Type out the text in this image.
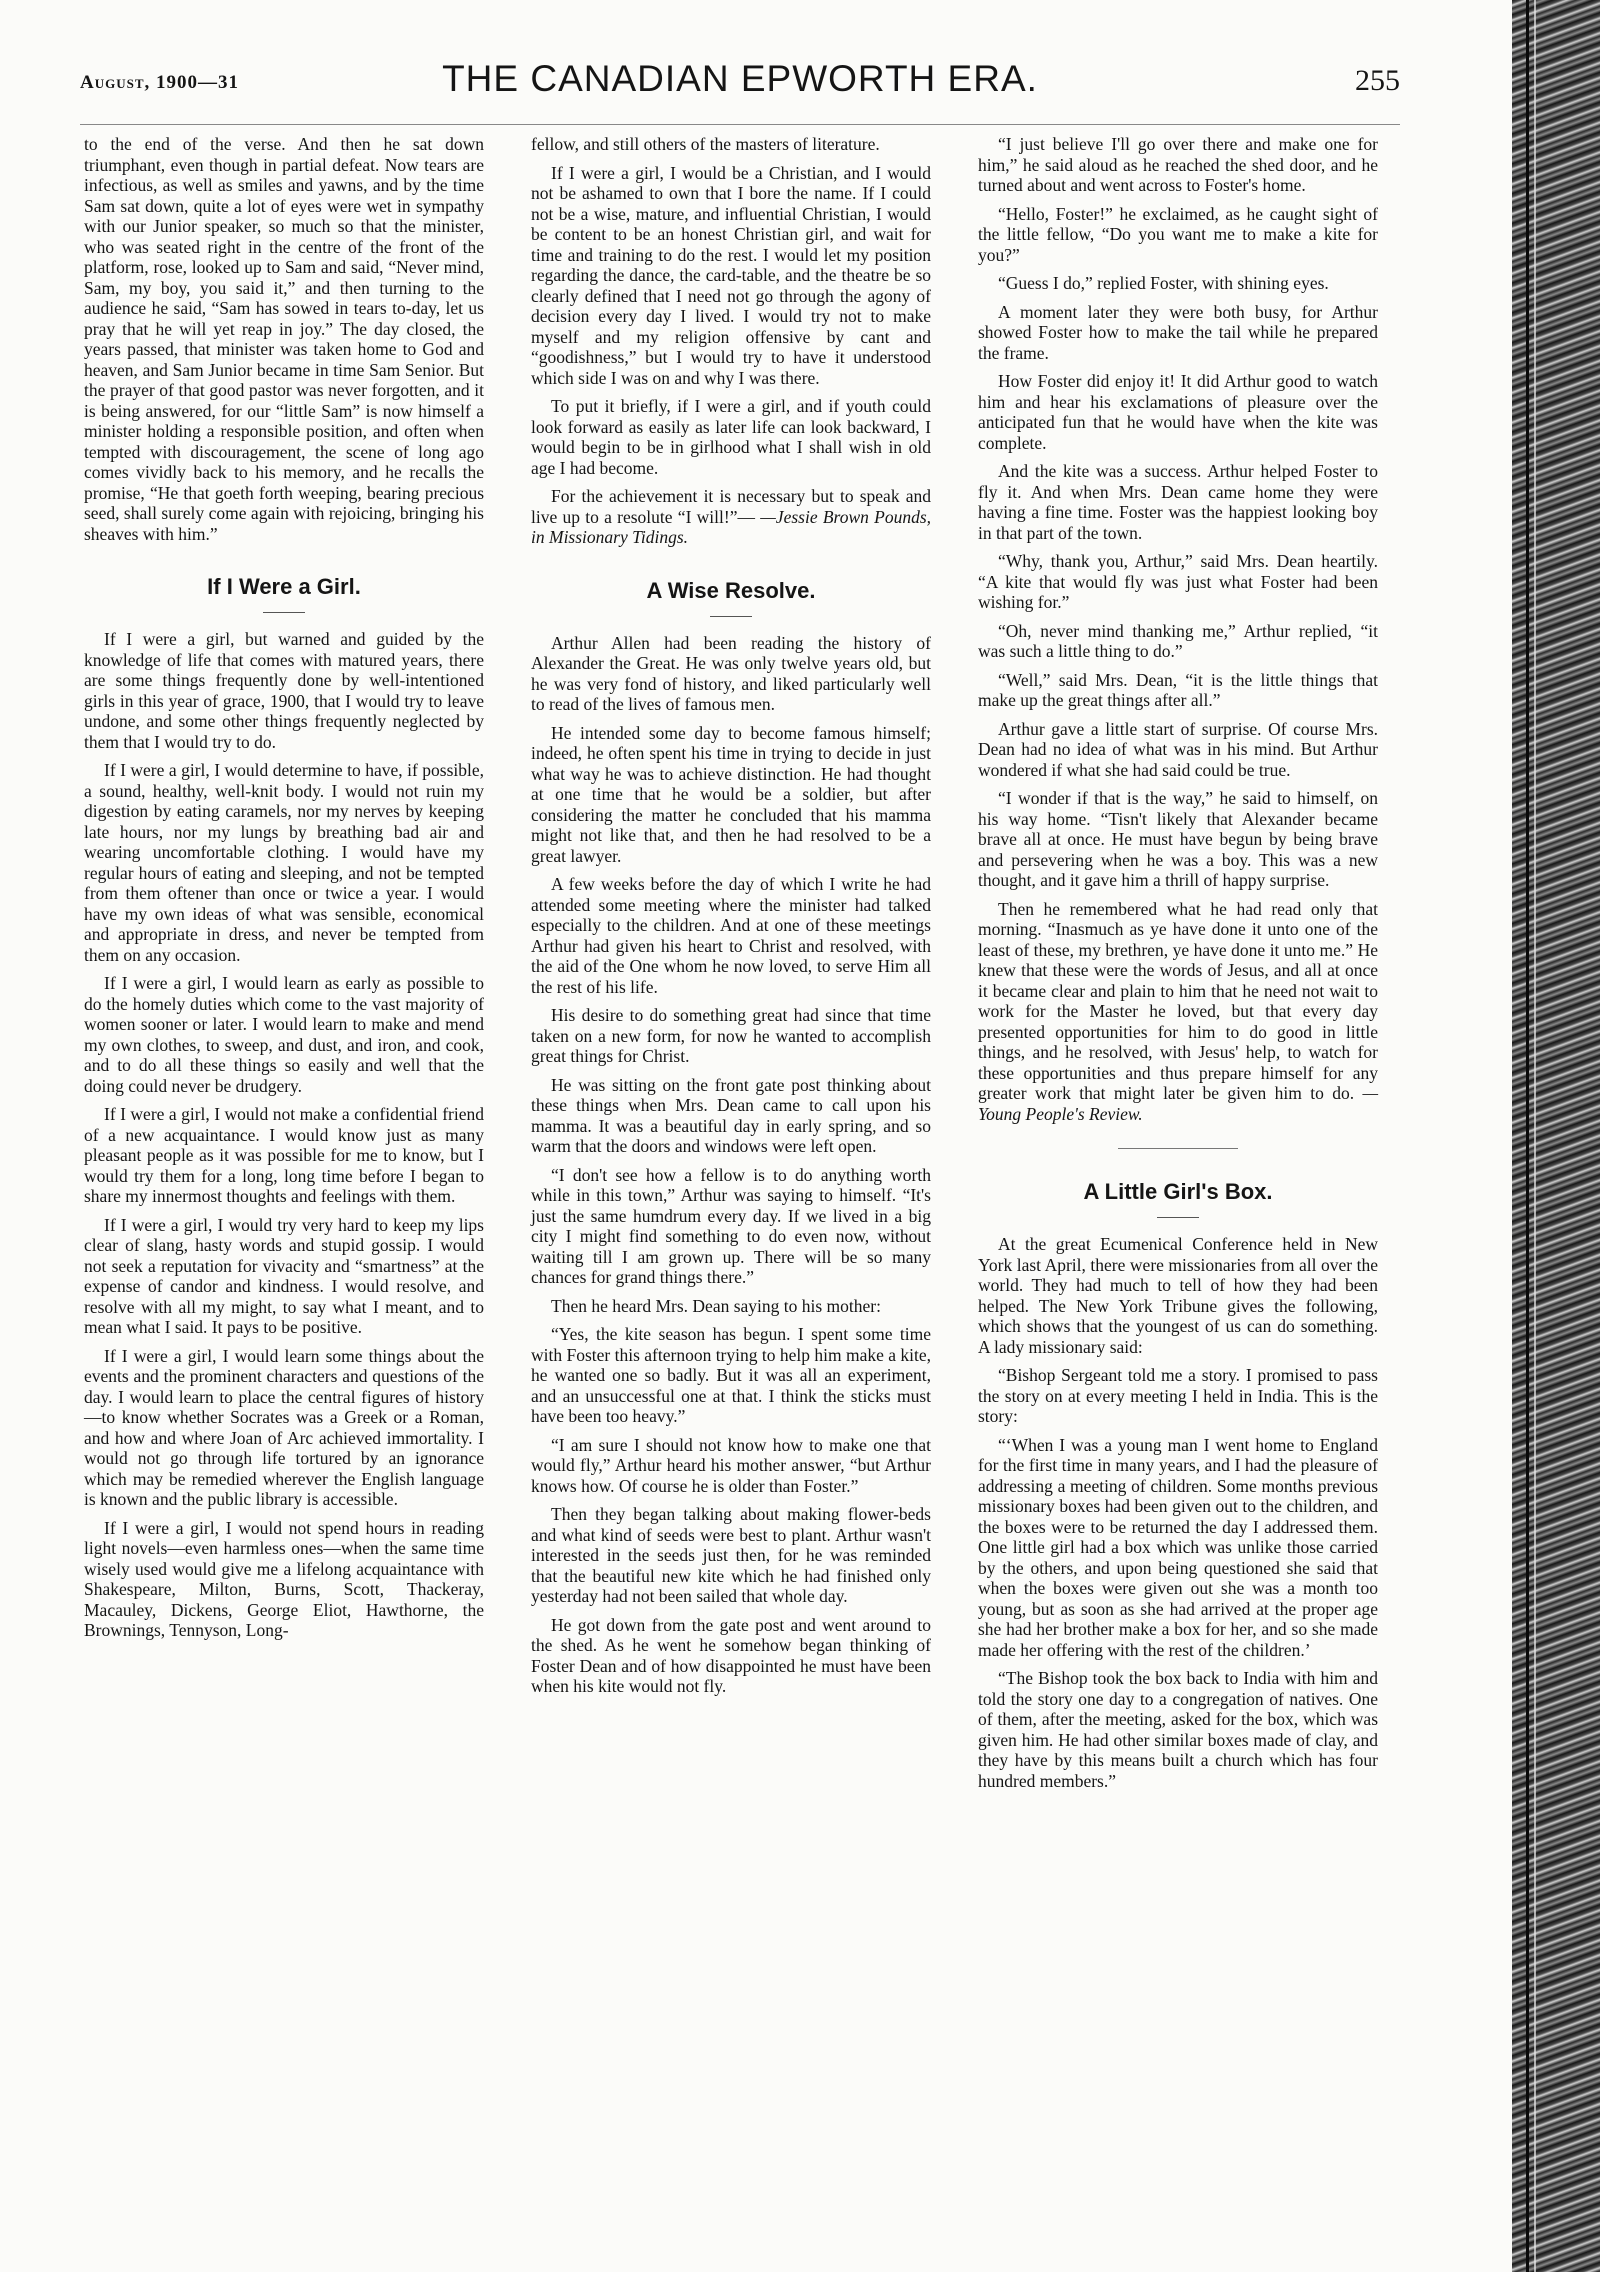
August, 1900—31	THE CANADIAN EPWORTH ERA.	255

to the end of the verse. And then he sat down triumphant, even though in partial defeat. Now tears are infectious, as well as smiles and yawns, and by the time Sam sat down, quite a lot of eyes were wet in sympathy with our Junior speaker, so much so that the minister, who was seated right in the centre of the front of the platform, rose, looked up to Sam and said, “Never mind, Sam, my boy, you said it,” and then turning to the audience he said, “Sam has sowed in tears to-day, let us pray that he will yet reap in joy.” The day closed, the years passed, that minister was taken home to God and heaven, and Sam Junior became in time Sam Senior. But the prayer of that good pastor was never forgotten, and it is being answered, for our “little Sam” is now himself a minister holding a responsible position, and often when tempted with discouragement, the scene of long ago comes vividly back to his memory, and he recalls the promise, “He that goeth forth weeping, bearing precious seed, shall surely come again with rejoicing, bringing his sheaves with him.”

If I Were a Girl.

If I were a girl, but warned and guided by the knowledge of life that comes with matured years, there are some things frequently done by well-intentioned girls in this year of grace, 1900, that I would try to leave undone, and some other things frequently neglected by them that I would try to do.

If I were a girl, I would determine to have, if possible, a sound, healthy, well-knit body. I would not ruin my digestion by eating caramels, nor my nerves by keeping late hours, nor my lungs by breathing bad air and wearing uncomfortable clothing. I would have my regular hours of eating and sleeping, and not be tempted from them oftener than once or twice a year. I would have my own ideas of what was sensible, economical and appropriate in dress, and never be tempted from them on any occasion.

If I were a girl, I would learn as early as possible to do the homely duties which come to the vast majority of women sooner or later. I would learn to make and mend my own clothes, to sweep, and dust, and iron, and cook, and to do all these things so easily and well that the doing could never be drudgery.

If I were a girl, I would not make a confidential friend of a new acquaintance. I would know just as many pleasant people as it was possible for me to know, but I would try them for a long, long time before I began to share my innermost thoughts and feelings with them.

If I were a girl, I would try very hard to keep my lips clear of slang, hasty words and stupid gossip. I would not seek a reputation for vivacity and “smartness” at the expense of candor and kindness. I would resolve, and resolve with all my might, to say what I meant, and to mean what I said. It pays to be positive.

If I were a girl, I would learn some things about the events and the prominent characters and questions of the day. I would learn to place the central figures of history—to know whether Socrates was a Greek or a Roman, and how and where Joan of Arc achieved immortality. I would not go through life tortured by an ignorance which may be remedied wherever the English language is known and the public library is accessible.

If I were a girl, I would not spend hours in reading light novels—even harmless ones—when the same time wisely used would give me a lifelong acquaintance with Shakespeare, Milton, Burns, Scott, Thackeray, Macauley, Dickens, George Eliot, Hawthorne, the Brownings, Tennyson, Long-

fellow, and still others of the masters of literature.

If I were a girl, I would be a Christian, and I would not be ashamed to own that I bore the name. If I could not be a wise, mature, and influential Christian, I would be content to be an honest Christian girl, and wait for time and training to do the rest. I would let my position regarding the dance, the card-table, and the theatre be so clearly defined that I need not go through the agony of decision every day I lived. I would try not to make myself and my religion offensive by cant and “goodishness,” but I would try to have it understood which side I was on and why I was there.

To put it briefly, if I were a girl, and if youth could look forward as easily as later life can look backward, I would begin to be in girlhood what I shall wish in old age I had become.

For the achievement it is necessary but to speak and live up to a resolute “I will!”— —Jessie Brown Pounds, in Missionary Tidings.

A Wise Resolve.

Arthur Allen had been reading the history of Alexander the Great. He was only twelve years old, but he was very fond of history, and liked particularly well to read of the lives of famous men.

He intended some day to become famous himself; indeed, he often spent his time in trying to decide in just what way he was to achieve distinction. He had thought at one time that he would be a soldier, but after considering the matter he concluded that his mamma might not like that, and then he had resolved to be a great lawyer.

A few weeks before the day of which I write he had attended some meeting where the minister had talked especially to the children. And at one of these meetings Arthur had given his heart to Christ and resolved, with the aid of the One whom he now loved, to serve Him all the rest of his life.

His desire to do something great had since that time taken on a new form, for now he wanted to accomplish great things for Christ.

He was sitting on the front gate post thinking about these things when Mrs. Dean came to call upon his mamma. It was a beautiful day in early spring, and so warm that the doors and windows were left open.

“I don't see how a fellow is to do anything worth while in this town,” Arthur was saying to himself. “It's just the same humdrum every day. If we lived in a big city I might find something to do even now, without waiting till I am grown up. There will be so many chances for grand things there.”

Then he heard Mrs. Dean saying to his mother:

“Yes, the kite season has begun. I spent some time with Foster this afternoon trying to help him make a kite, he wanted one so badly. But it was all an experiment, and an unsuccessful one at that. I think the sticks must have been too heavy.”

“I am sure I should not know how to make one that would fly,” Arthur heard his mother answer, “but Arthur knows how. Of course he is older than Foster.”

Then they began talking about making flower-beds and what kind of seeds were best to plant. Arthur wasn't interested in the seeds just then, for he was reminded that the beautiful new kite which he had finished only yesterday had not been sailed that whole day.

He got down from the gate post and went around to the shed. As he went he somehow began thinking of Foster Dean and of how disappointed he must have been when his kite would not fly.

“I just believe I'll go over there and make one for him,” he said aloud as he reached the shed door, and he turned about and went across to Foster's home.

“Hello, Foster!” he exclaimed, as he caught sight of the little fellow, “Do you want me to make a kite for you?”

“Guess I do,” replied Foster, with shining eyes.

A moment later they were both busy, for Arthur showed Foster how to make the tail while he prepared the frame.

How Foster did enjoy it! It did Arthur good to watch him and hear his exclamations of pleasure over the anticipated fun that he would have when the kite was complete.

And the kite was a success. Arthur helped Foster to fly it. And when Mrs. Dean came home they were having a fine time. Foster was the happiest looking boy in that part of the town.

“Why, thank you, Arthur,” said Mrs. Dean heartily. “A kite that would fly was just what Foster had been wishing for.”

“Oh, never mind thanking me,” Arthur replied, “it was such a little thing to do.”

“Well,” said Mrs. Dean, “it is the little things that make up the great things after all.”

Arthur gave a little start of surprise. Of course Mrs. Dean had no idea of what was in his mind. But Arthur wondered if what she had said could be true.

“I wonder if that is the way,” he said to himself, on his way home. “Tisn't likely that Alexander became brave all at once. He must have begun by being brave and persevering when he was a boy. This was a new thought, and it gave him a thrill of happy surprise.

Then he remembered what he had read only that morning. “Inasmuch as ye have done it unto one of the least of these, my brethren, ye have done it unto me.” He knew that these were the words of Jesus, and all at once it became clear and plain to him that he need not wait to work for the Master he loved, but that every day presented opportunities for him to do good in little things, and he resolved, with Jesus' help, to watch for these opportunities and thus prepare himself for any greater work that might later be given him to do. —Young People's Review.

A Little Girl's Box.

At the great Ecumenical Conference held in New York last April, there were missionaries from all over the world. They had much to tell of how they had been helped. The New York Tribune gives the following, which shows that the youngest of us can do something. A lady missionary said:

“Bishop Sergeant told me a story. I promised to pass the story on at every meeting I held in India. This is the story:

“‘When I was a young man I went home to England for the first time in many years, and I had the pleasure of addressing a meeting of children. Some months previous missionary boxes had been given out to the children, and the boxes were to be returned the day I addressed them. One little girl had a box which was unlike those carried by the others, and upon being questioned she said that when the boxes were given out she was a month too young, but as soon as she had arrived at the proper age she had her brother make a box for her, and so she made made her offering with the rest of the children.’

“The Bishop took the box back to India with him and told the story one day to a congregation of natives. One of them, after the meeting, asked for the box, which was given him. He had other similar boxes made of clay, and they have by this means built a church which has four hundred members.”
